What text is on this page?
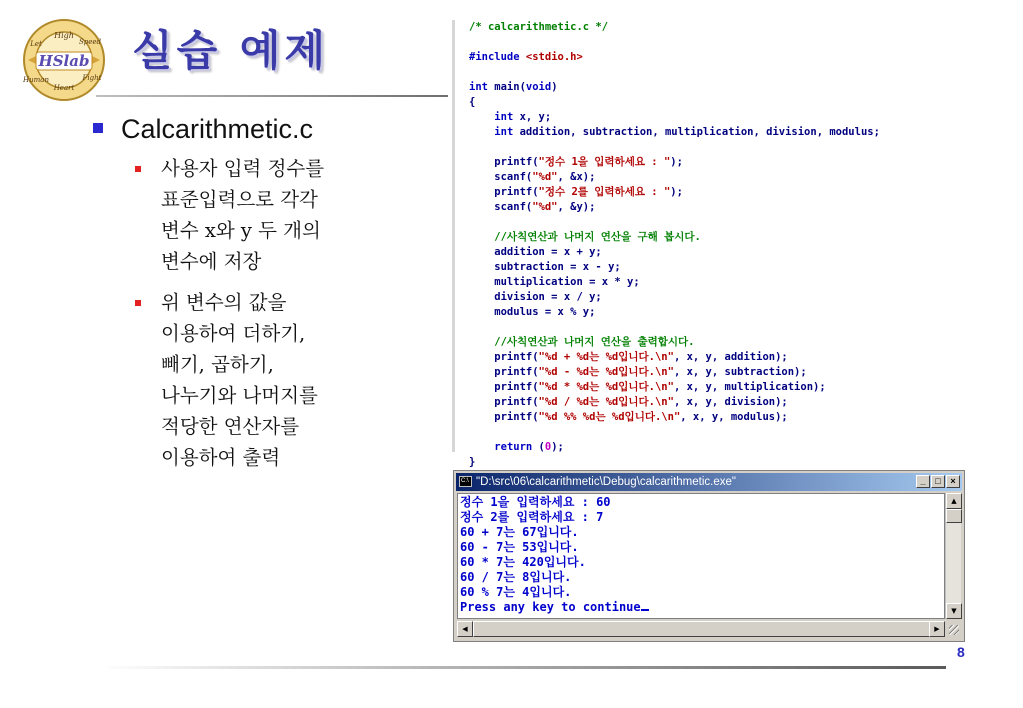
HSlab
High
Let	Speed
Heart
Human	Fight
실습 예제
Calcarithmetic.c
사용자 입력 정수를
표준입력으로 각각
변수 x와 y 두 개의
변수에 저장
위 변수의 값을
이용하여 더하기,
빼기, 곱하기,
나누기와 나머지를
적당한 연산자를
이용하여 출력
/* calcarithmetic.c */

#include <stdio.h>

int main(void)
{
int x, y;
int addition, subtraction, multiplication, division, modulus;

printf("정수 1을 입력하세요 : ");
scanf("%d", &x);
printf("정수 2를 입력하세요 : ");
scanf("%d", &y);

//사칙연산과 나머지 연산을 구해 봅시다.
addition = x + y;
subtraction = x - y;
multiplication = x * y;
division = x / y;
modulus = x % y;

//사칙연산과 나머지 연산을 출력합시다.
printf("%d + %d는 %d입니다.\n", x, y, addition);
printf("%d - %d는 %d입니다.\n", x, y, subtraction);
printf("%d * %d는 %d입니다.\n", x, y, multiplication);
printf("%d / %d는 %d입니다.\n", x, y, division);
printf("%d %% %d는 %d입니다.\n", x, y, modulus);

return (0);
}
C:\ "D:\src\06\calcarithmetic\Debug\calcarithmetic.exe"	_ □ ×
정수 1을 입력하세요 : 60
정수 2를 입력하세요 : 7
60 + 7는 67입니다.
60 - 7는 53입니다.
60 * 7는 420입니다.
60 / 7는 8입니다.
60 % 7는 4입니다.
Press any key to continue
▲
▼
◀	▶
8
